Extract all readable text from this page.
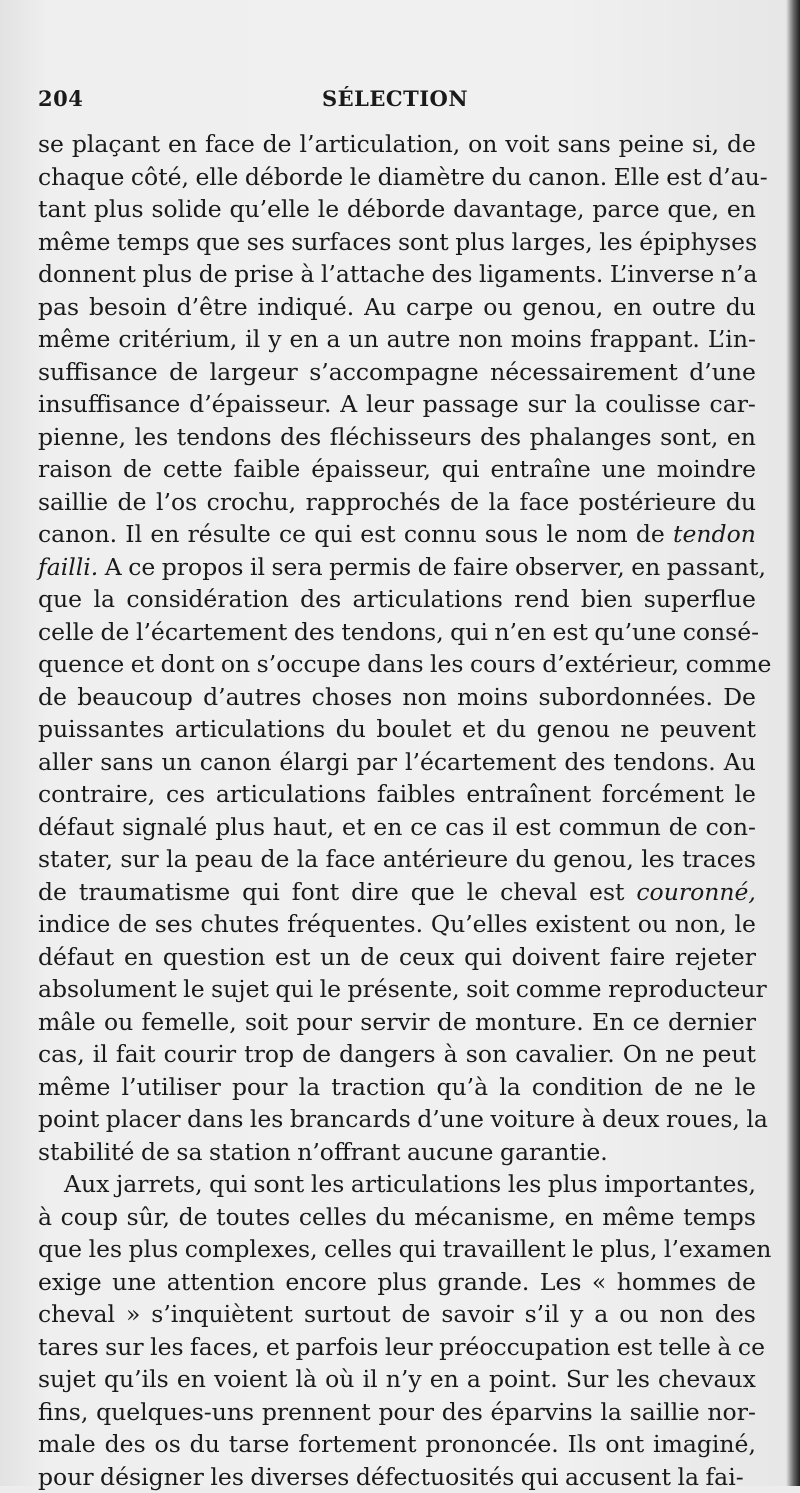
204	SÉLECTION
se plaçant en face de l’articulation, on voit sans peine si, de
chaque côté, elle déborde le diamètre du canon. Elle est d’au-
tant plus solide qu’elle le déborde davantage, parce que, en
même temps que ses surfaces sont plus larges, les épiphyses
donnent plus de prise à l’attache des ligaments. L’inverse n’a
pas besoin d’être indiqué. Au carpe ou genou, en outre du
même critérium, il y en a un autre non moins frappant. L’in-
suffisance de largeur s’accompagne nécessairement d’une
insuffisance d’épaisseur. A leur passage sur la coulisse car-
pienne, les tendons des fléchisseurs des phalanges sont, en
raison de cette faible épaisseur, qui entraîne une moindre
saillie de l’os crochu, rapprochés de la face postérieure du
canon. Il en résulte ce qui est connu sous le nom de tendon
failli. A ce propos il sera permis de faire observer, en passant,
que la considération des articulations rend bien superflue
celle de l’écartement des tendons, qui n’en est qu’une consé-
quence et dont on s’occupe dans les cours d’extérieur, comme
de beaucoup d’autres choses non moins subordonnées. De
puissantes articulations du boulet et du genou ne peuvent
aller sans un canon élargi par l’écartement des tendons. Au
contraire, ces articulations faibles entraînent forcément le
défaut signalé plus haut, et en ce cas il est commun de con-
stater, sur la peau de la face antérieure du genou, les traces
de traumatisme qui font dire que le cheval est couronné,
indice de ses chutes fréquentes. Qu’elles existent ou non, le
défaut en question est un de ceux qui doivent faire rejeter
absolument le sujet qui le présente, soit comme reproducteur
mâle ou femelle, soit pour servir de monture. En ce dernier
cas, il fait courir trop de dangers à son cavalier. On ne peut
même l’utiliser pour la traction qu’à la condition de ne le
point placer dans les brancards d’une voiture à deux roues, la
stabilité de sa station n’offrant aucune garantie.
Aux jarrets, qui sont les articulations les plus importantes,
à coup sûr, de toutes celles du mécanisme, en même temps
que les plus complexes, celles qui travaillent le plus, l’examen
exige une attention encore plus grande. Les « hommes de
cheval » s’inquiètent surtout de savoir s’il y a ou non des
tares sur les faces, et parfois leur préoccupation est telle à ce
sujet qu’ils en voient là où il n’y en a point. Sur les chevaux
fins, quelques-uns prennent pour des éparvins la saillie nor-
male des os du tarse fortement prononcée. Ils ont imaginé,
pour désigner les diverses défectuosités qui accusent la fai-
